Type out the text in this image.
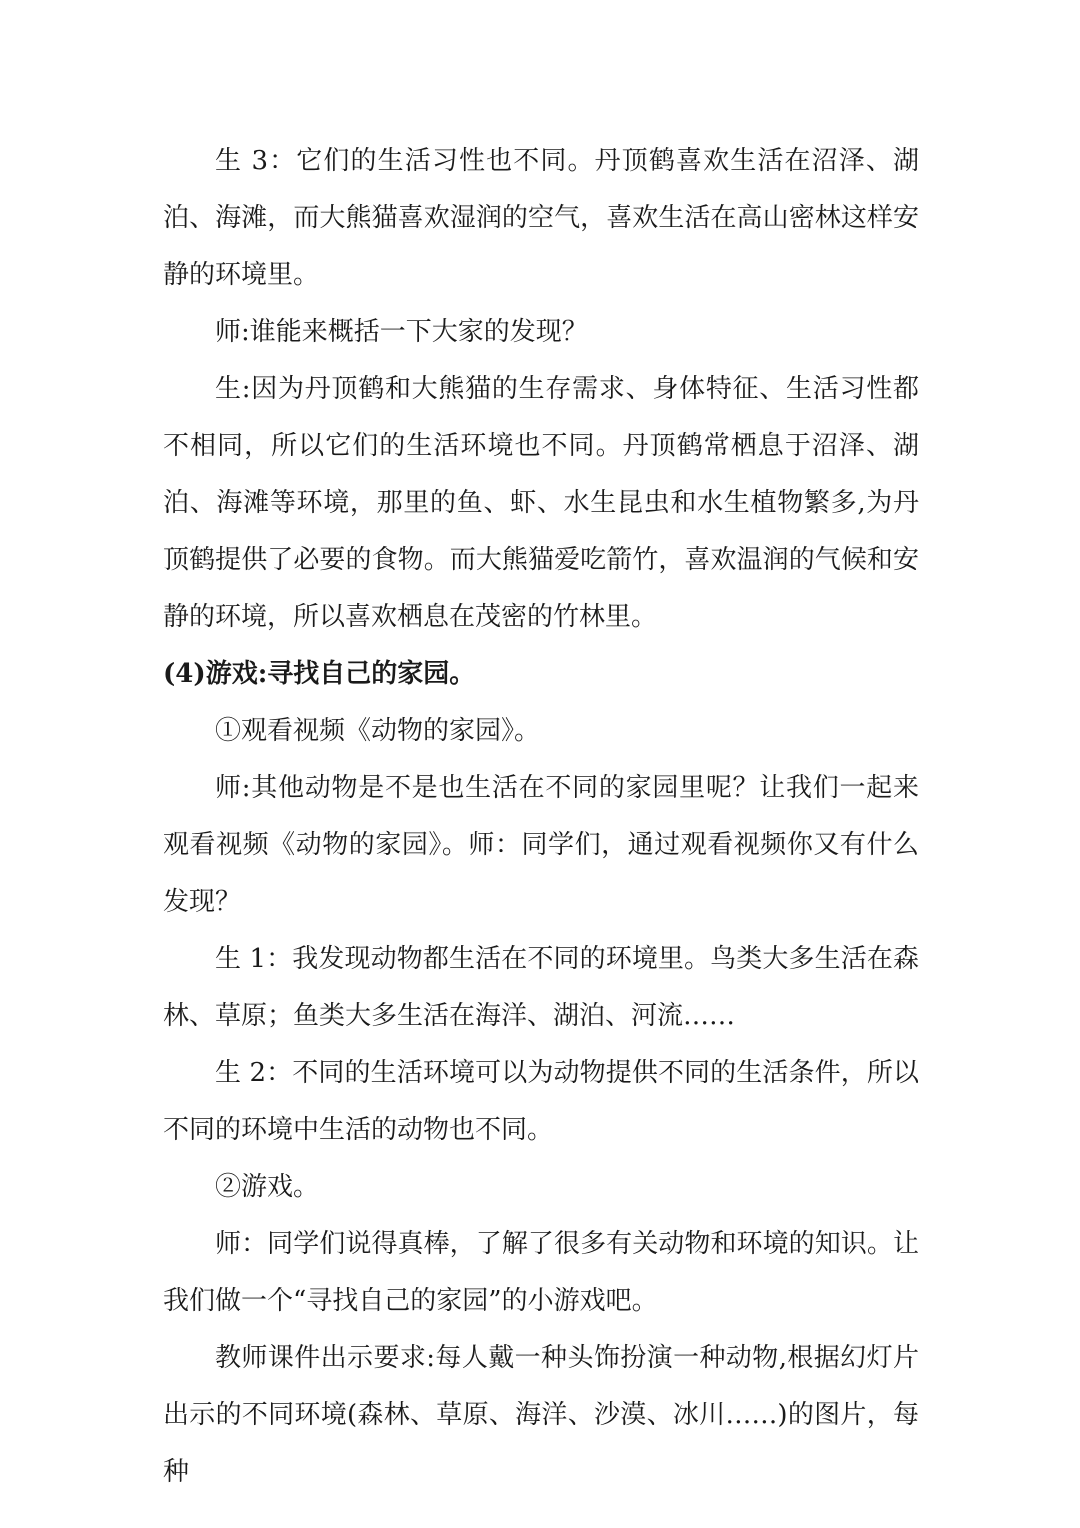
生 3：它们的生活习性也不同。丹顶鹤喜欢生活在沼泽、湖泊、海滩，而大熊猫喜欢湿润的空气，喜欢生活在高山密林这样安静的环境里。

师:谁能来概括一下大家的发现？

生:因为丹顶鹤和大熊猫的生存需求、身体特征、生活习性都不相同，所以它们的生活环境也不同。丹顶鹤常栖息于沼泽、湖泊、海滩等环境，那里的鱼、虾、水生昆虫和水生植物繁多,为丹顶鹤提供了必要的食物。而大熊猫爱吃箭竹，喜欢温润的气候和安静的环境，所以喜欢栖息在茂密的竹林里。

(4)游戏:寻找自己的家园。

①观看视频《动物的家园》。

师:其他动物是不是也生活在不同的家园里呢？让我们一起来观看视频《动物的家园》。师：同学们，通过观看视频你又有什么发现？

生 1：我发现动物都生活在不同的环境里。鸟类大多生活在森林、草原；鱼类大多生活在海洋、湖泊、河流……

生 2：不同的生活环境可以为动物提供不同的生活条件，所以不同的环境中生活的动物也不同。

②游戏。

师：同学们说得真棒，了解了很多有关动物和环境的知识。让我们做一个“寻找自己的家园”的小游戏吧。

教师课件出示要求:每人戴一种头饰扮演一种动物,根据幻灯片出示的不同环境(森林、草原、海洋、沙漠、冰川……)的图片，每种
